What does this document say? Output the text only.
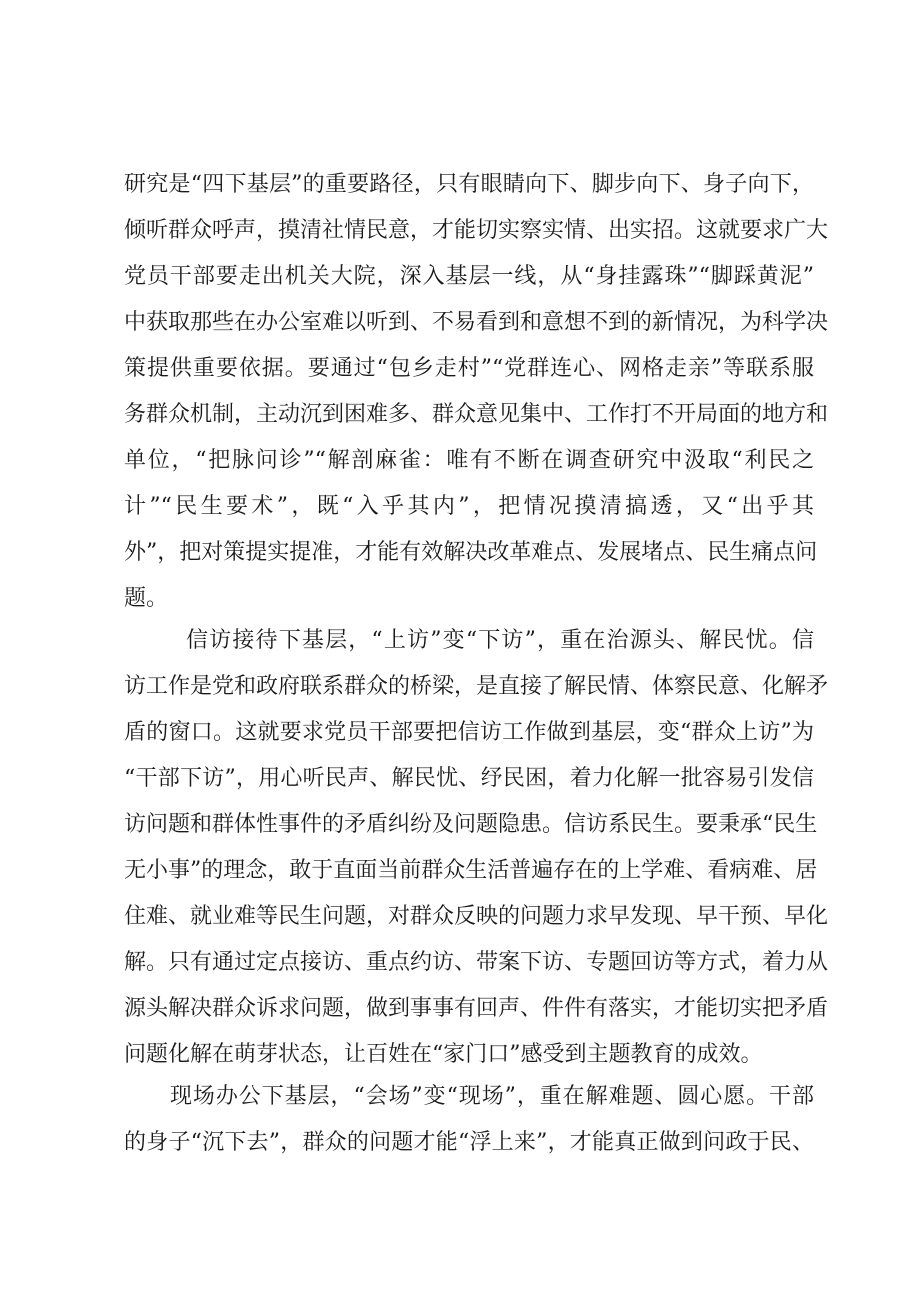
研究是“四下基层”的重要路径，只有眼睛向下、脚步向下、身子向下，
倾听群众呼声，摸清社情民意，才能切实察实情、出实招。这就要求广大
党员干部要走出机关大院，深入基层一线，从“身挂露珠”“脚踩黄泥”
中获取那些在办公室难以听到、不易看到和意想不到的新情况，为科学决
策提供重要依据。要通过“包乡走村”“党群连心、网格走亲”等联系服
务群众机制，主动沉到困难多、群众意见集中、工作打不开局面的地方和
单位，“把脉问诊”“解剖麻雀：唯有不断在调查研究中汲取“利民之
计”“民生要术”，既“入乎其内”，把情况摸清搞透，又“出乎其
外”，把对策提实提准，才能有效解决改革难点、发展堵点、民生痛点问
题。
信访接待下基层，“上访”变“下访”，重在治源头、解民忧。信
访工作是党和政府联系群众的桥梁，是直接了解民情、体察民意、化解矛
盾的窗口。这就要求党员干部要把信访工作做到基层，变“群众上访”为
“干部下访”，用心听民声、解民忧、纾民困，着力化解一批容易引发信
访问题和群体性事件的矛盾纠纷及问题隐患。信访系民生。要秉承“民生
无小事”的理念，敢于直面当前群众生活普遍存在的上学难、看病难、居
住难、就业难等民生问题，对群众反映的问题力求早发现、早干预、早化
解。只有通过定点接访、重点约访、带案下访、专题回访等方式，着力从
源头解决群众诉求问题，做到事事有回声、件件有落实，才能切实把矛盾
问题化解在萌芽状态，让百姓在“家门口”感受到主题教育的成效。
现场办公下基层，“会场”变“现场”，重在解难题、圆心愿。干部
的身子“沉下去”，群众的问题才能“浮上来”，才能真正做到问政于民、
